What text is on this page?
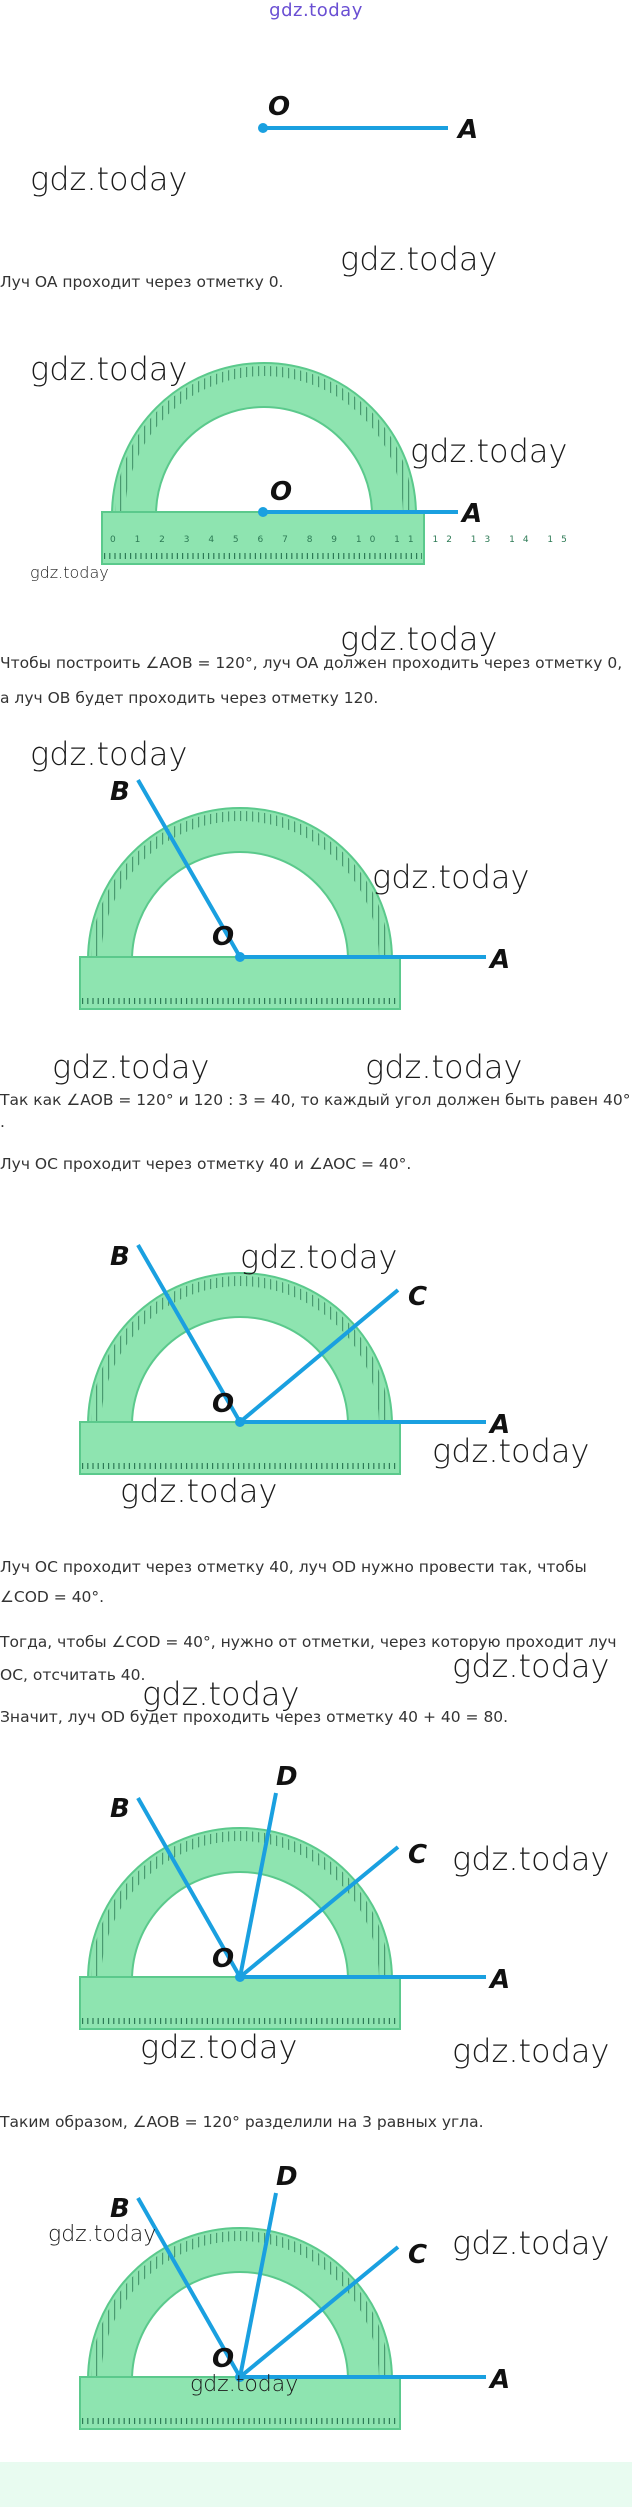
gdz.today
O
A
gdz.today
gdz.today
Луч OA проходит через отметку 0.
gdz.today
0 1 2 3 4 5 6 7 8 9 10 11 12 13 14 15
O
A
gdz.today
gdz.today
gdz.today
Чтобы построить ∠AOB = 120°, луч OA должен проходить через отметку 0,
а луч OB будет проходить через отметку 120.
gdz.today
O
A
B
gdz.today
gdz.today	gdz.today
Так как ∠AOB = 120° и 120 : 3 = 40, то каждый угол должен быть равен 40°
.
Луч OC проходит через отметку 40 и ∠AOC = 40°.
O
A
B
C
gdz.today
gdz.today
gdz.today
Луч OC проходит через отметку 40, луч OD нужно провести так, чтобы
∠COD = 40°.
Тогда, чтобы ∠COD = 40°, нужно от отметки, через которую проходит луч
OC, отсчитать 40.	gdz.today
gdz.today
Значит, луч OD будет проходить через отметку 40 + 40 = 80.
O
A
B
C
D
gdz.today
gdz.today	gdz.today
Таким образом, ∠AOB = 120° разделили на 3 равных угла.
O
A
B
C
D
gdz.today	gdz.today
gdz.today
